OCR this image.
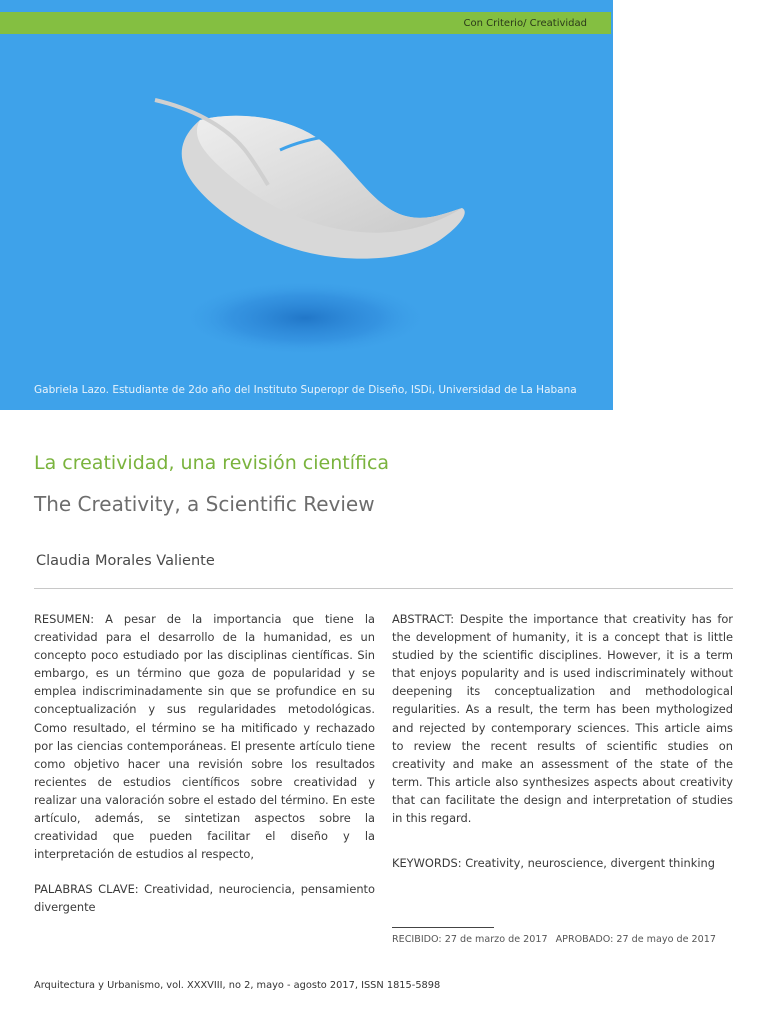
Con Criterio/ Creatividad
Gabriela Lazo. Estudiante de 2do año del Instituto Superopr de Diseño, ISDi, Universidad de La Habana
La creatividad, una revisión científica
The Creativity, a Scientific Review
Claudia Morales Valiente
RESUMEN: A pesar de la importancia que tiene la creatividad para el desarrollo de la humanidad, es un concepto poco estudiado por las disciplinas científicas. Sin embargo, es un término que goza de popularidad y se emplea indiscriminadamente sin que se profundice en su conceptualización y sus regularidades metodológicas. Como resultado, el término se ha mitificado y rechazado por las ciencias contemporáneas. El presente artículo tiene como objetivo hacer una revisión sobre los resultados recientes de estudios científicos sobre creatividad y realizar una valoración sobre el estado del término. En este artículo, además, se sintetizan aspectos sobre la creatividad que pueden facilitar el diseño y la interpretación de estudios al respecto,
PALABRAS CLAVE: Creatividad, neurociencia, pensamiento divergente
ABSTRACT: Despite the importance that creativity has for the development of humanity, it is a concept that is little studied by the scientific disciplines. However, it is a term that enjoys popularity and is used indiscriminately without deepening its conceptualization and methodological regularities. As a result, the term has been mythologized and rejected by contemporary sciences. This article aims to review the recent results of scientific studies on creativity and make an assessment of the state of the term. This article also synthesizes aspects about creativity that can facilitate the design and interpretation of studies in this regard.
KEYWORDS: Creativity, neuroscience, divergent thinking
RECIBIDO: 27 de marzo de 2017 APROBADO: 27 de mayo de 2017
Arquitectura y Urbanismo, vol. XXXVIII, no 2, mayo - agosto 2017, ISSN 1815-5898
